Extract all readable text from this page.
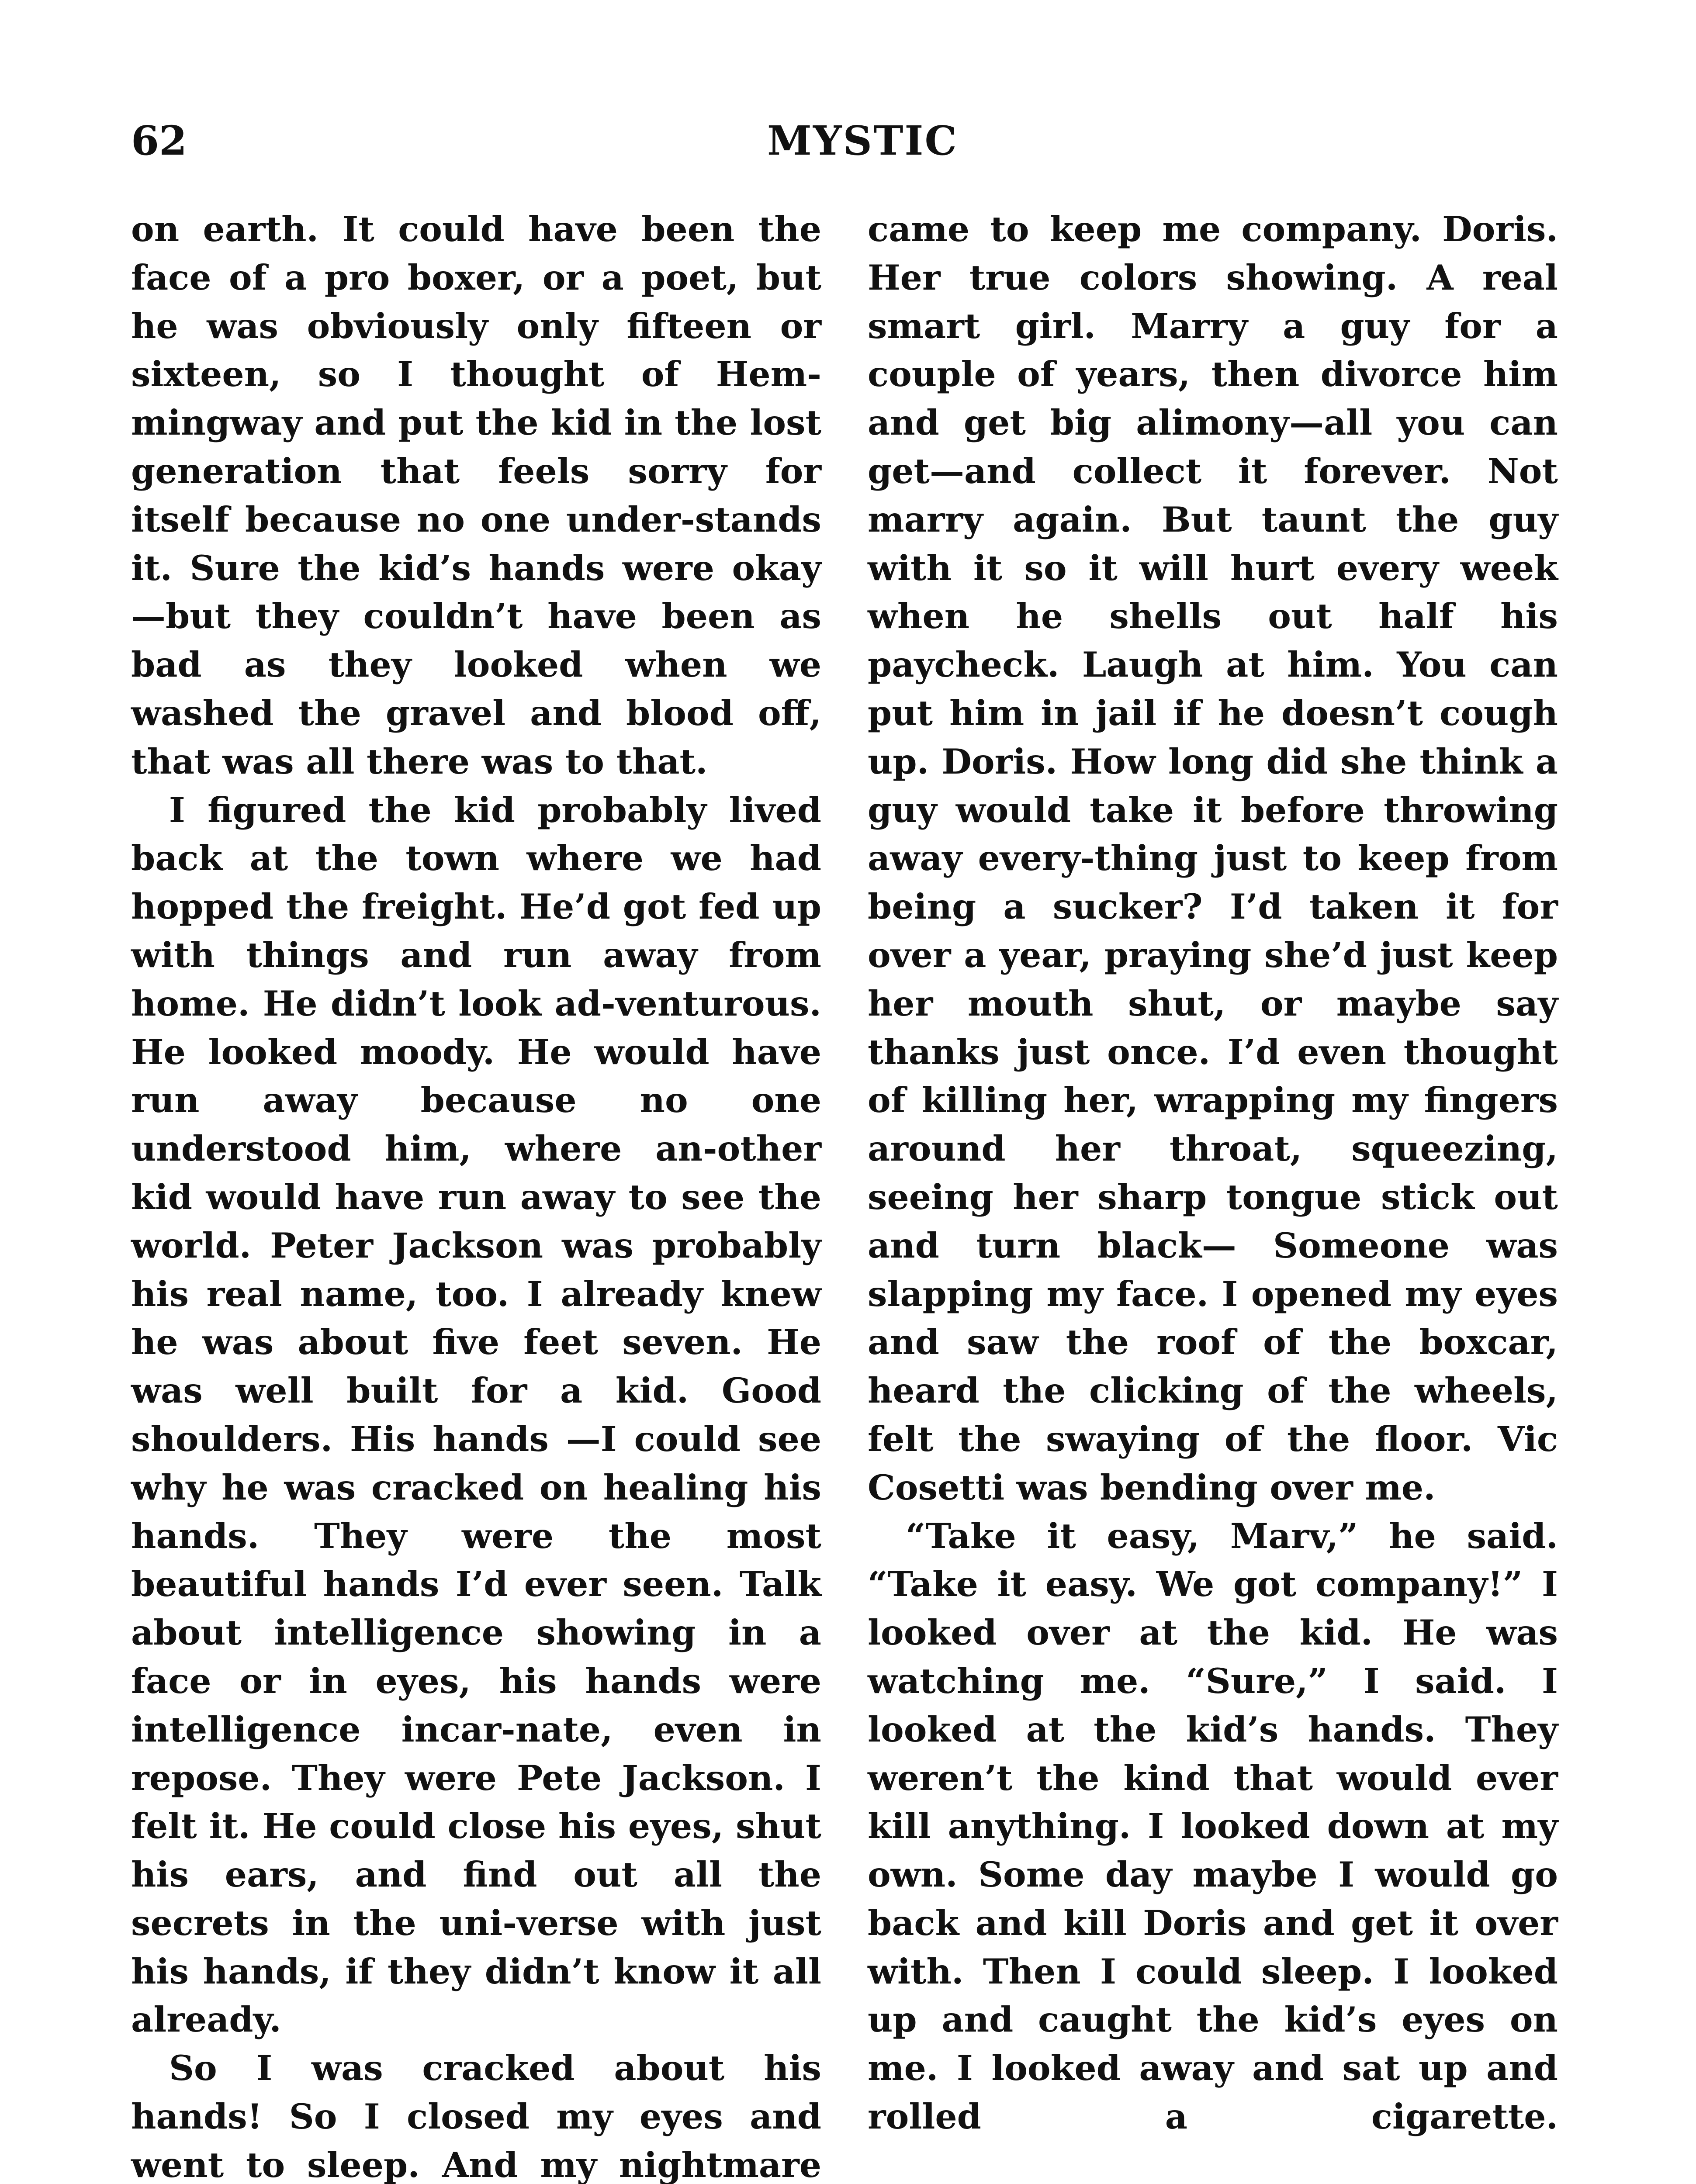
62	MYSTIC

on earth. It could have been the face of a pro boxer, or a poet, but he was obviously only fifteen or sixteen, so I thought of Hem-mingway and put the kid in the lost generation that feels sorry for itself because no one under-stands it. Sure the kid’s hands were okay—but they couldn’t have been as bad as they looked when we washed the gravel and blood off, that was all there was to that.

I figured the kid probably lived back at the town where we had hopped the freight. He’d got fed up with things and run away from home. He didn’t look ad-venturous. He looked moody. He would have run away because no one understood him, where an-other kid would have run away to see the world. Peter Jackson was probably his real name, too. I already knew he was about five feet seven. He was well built for a kid. Good shoulders. His hands —I could see why he was cracked on healing his hands. They were the most beautiful hands I’d ever seen. Talk about intelligence showing in a face or in eyes, his hands were intelligence incar-nate, even in repose. They were Pete Jackson. I felt it. He could close his eyes, shut his ears, and find out all the secrets in the uni-verse with just his hands, if they didn’t know it all already.

So I was cracked about his hands! So I closed my eyes and went to sleep. And my nightmare

came to keep me company. Doris. Her true colors showing. A real smart girl. Marry a guy for a couple of years, then divorce him and get big alimony—all you can get—and collect it forever. Not marry again. But taunt the guy with it so it will hurt every week when he shells out half his paycheck. Laugh at him. You can put him in jail if he doesn’t cough up. Doris. How long did she think a guy would take it before throwing away every-thing just to keep from being a sucker? I’d taken it for over a year, praying she’d just keep her mouth shut, or maybe say thanks just once. I’d even thought of killing her, wrapping my fingers around her throat, squeezing, seeing her sharp tongue stick out and turn black— Someone was slapping my face. I opened my eyes and saw the roof of the boxcar, heard the clicking of the wheels, felt the swaying of the floor. Vic Cosetti was bending over me.

“Take it easy, Marv,” he said. “Take it easy. We got company!” I looked over at the kid. He was watching me. “Sure,” I said. I looked at the kid’s hands. They weren’t the kind that would ever kill anything. I looked down at my own. Some day maybe I would go back and kill Doris and get it over with. Then I could sleep. I looked up and caught the kid’s eyes on me. I looked away and sat up and rolled a cigarette.
